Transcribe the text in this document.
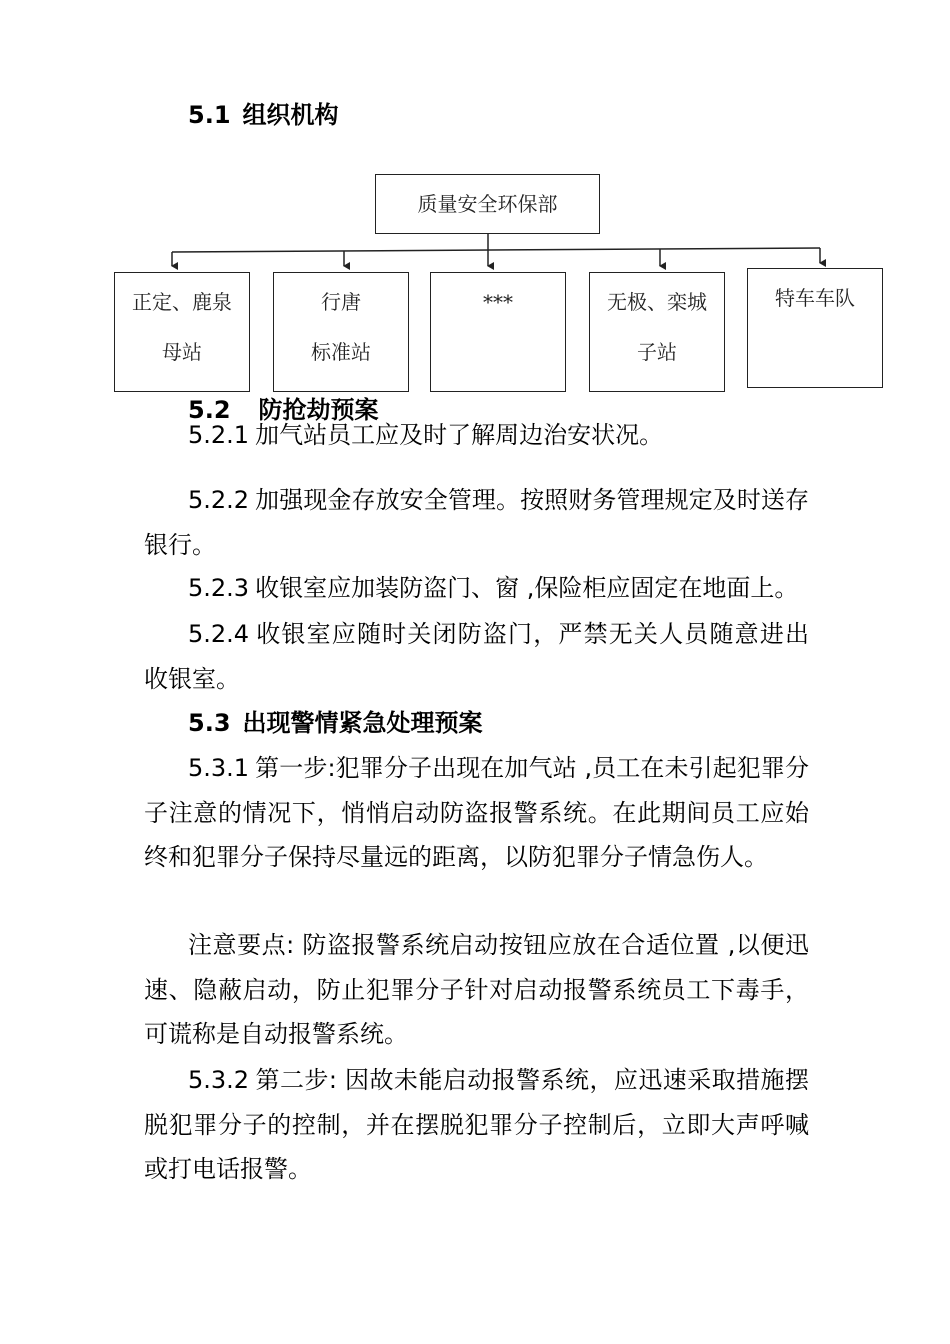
5.1 组织机构
质量安全环保部
正定、鹿泉
母站
行唐
标准站
***	无极、栾城
子站
特车车队
5.2 防抢劫预案

5.2.1 加气站员工应及时了解周边治安状况。

5.2.2 加强现金存放安全管理。按照财务管理规定及时送存银行。

5.2.3 收银室应加装防盗门、窗 ,保险柜应固定在地面上。

5.2.4 收银室应随时关闭防盗门，严禁无关人员随意进出 收银室。

5.3 出现警情紧急处理预案

5.3.1 第一步:犯罪分子出现在加气站 ,员工在未引起犯罪分子注意的情况下，悄悄启动防盗报警系统。在此期间员工应始终和犯罪分子保持尽量远的距离，以防犯罪分子情急伤人。

注意要点: 防盗报警系统启动按钮应放在合适位置 ,以便迅速、隐蔽启动，防止犯罪分子针对启动报警系统员工下毒手，可谎称是自动报警系统。

5.3.2 第二步: 因故未能启动报警系统，应迅速采取措施摆脱犯罪分子的控制，并在摆脱犯罪分子控制后，立即大声呼喊或打电话报警。
